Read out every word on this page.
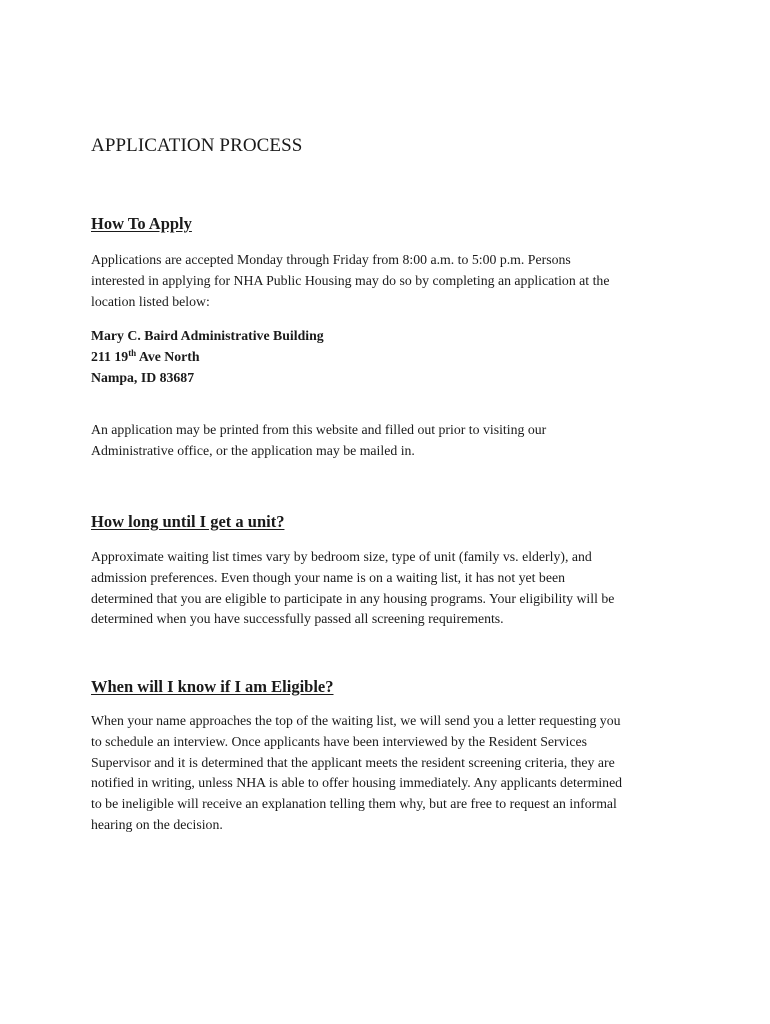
APPLICATION PROCESS
How To Apply

Applications are accepted Monday through Friday from 8:00 a.m. to 5:00 p.m. Persons
interested in applying for NHA Public Housing may do so by completing an application at the
location listed below:

Mary C. Baird Administrative Building
211 19th Ave North
Nampa, ID 83687

An application may be printed from this website and filled out prior to visiting our
Administrative office, or the application may be mailed in.

How long until I get a unit?

Approximate waiting list times vary by bedroom size, type of unit (family vs. elderly), and
admission preferences. Even though your name is on a waiting list, it has not yet been
determined that you are eligible to participate in any housing programs. Your eligibility will be
determined when you have successfully passed all screening requirements.

When will I know if I am Eligible?

When your name approaches the top of the waiting list, we will send you a letter requesting you
to schedule an interview. Once applicants have been interviewed by the Resident Services
Supervisor and it is determined that the applicant meets the resident screening criteria, they are
notified in writing, unless NHA is able to offer housing immediately. Any applicants determined
to be ineligible will receive an explanation telling them why, but are free to request an informal
hearing on the decision.
